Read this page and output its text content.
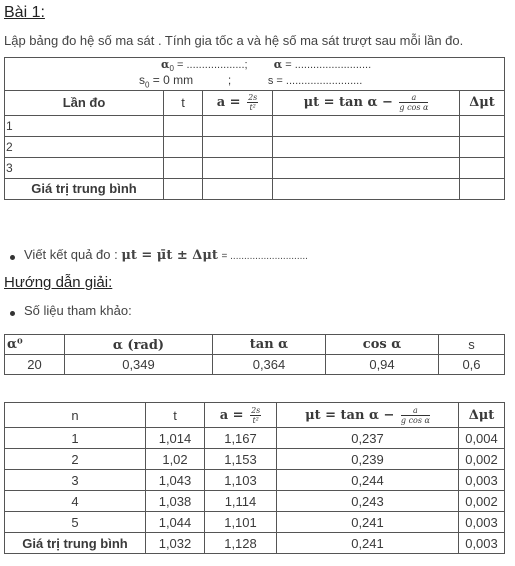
Bài 1:
Lập bảng đo hệ số ma sát . Tính gia tốc a và hệ số ma sát trượt sau mỗi lần đo.
$\alpha_0$ = ...................; α = .........................
$s_0 = 0$ mm ; s = .........................				
Lần đo	t	$a = \frac{2s}{\text{t²}}$	$\mu t = \tan \alpha - \frac{a}{\text{g cos α}}$	Δμt
1				
2				
3				
Giá trị trung bình				
Viết kết quả đo : μt = μ̄t ± Δμt = ............................
Hướng dẫn giải:
Số liệu tham khảo:
α⁰	α (rad)	tan α	cos α	s
20	0,349	0,364	0,94	0,6
n	t	$a = \frac{2s}{\text{t²}}$	$\mu t = \tan \alpha - \frac{a}{\text{g cos α}}$	Δμt
1	1,014	1,167	0,237	0,004
2	1,02	1,153	0,239	0,002
3	1,043	1,103	0,244	0,003
4	1,038	1,114	0,243	0,002
5	1,044	1,101	0,241	0,003
Giá trị trung bình	1,032	1,128	0,241	0,003
